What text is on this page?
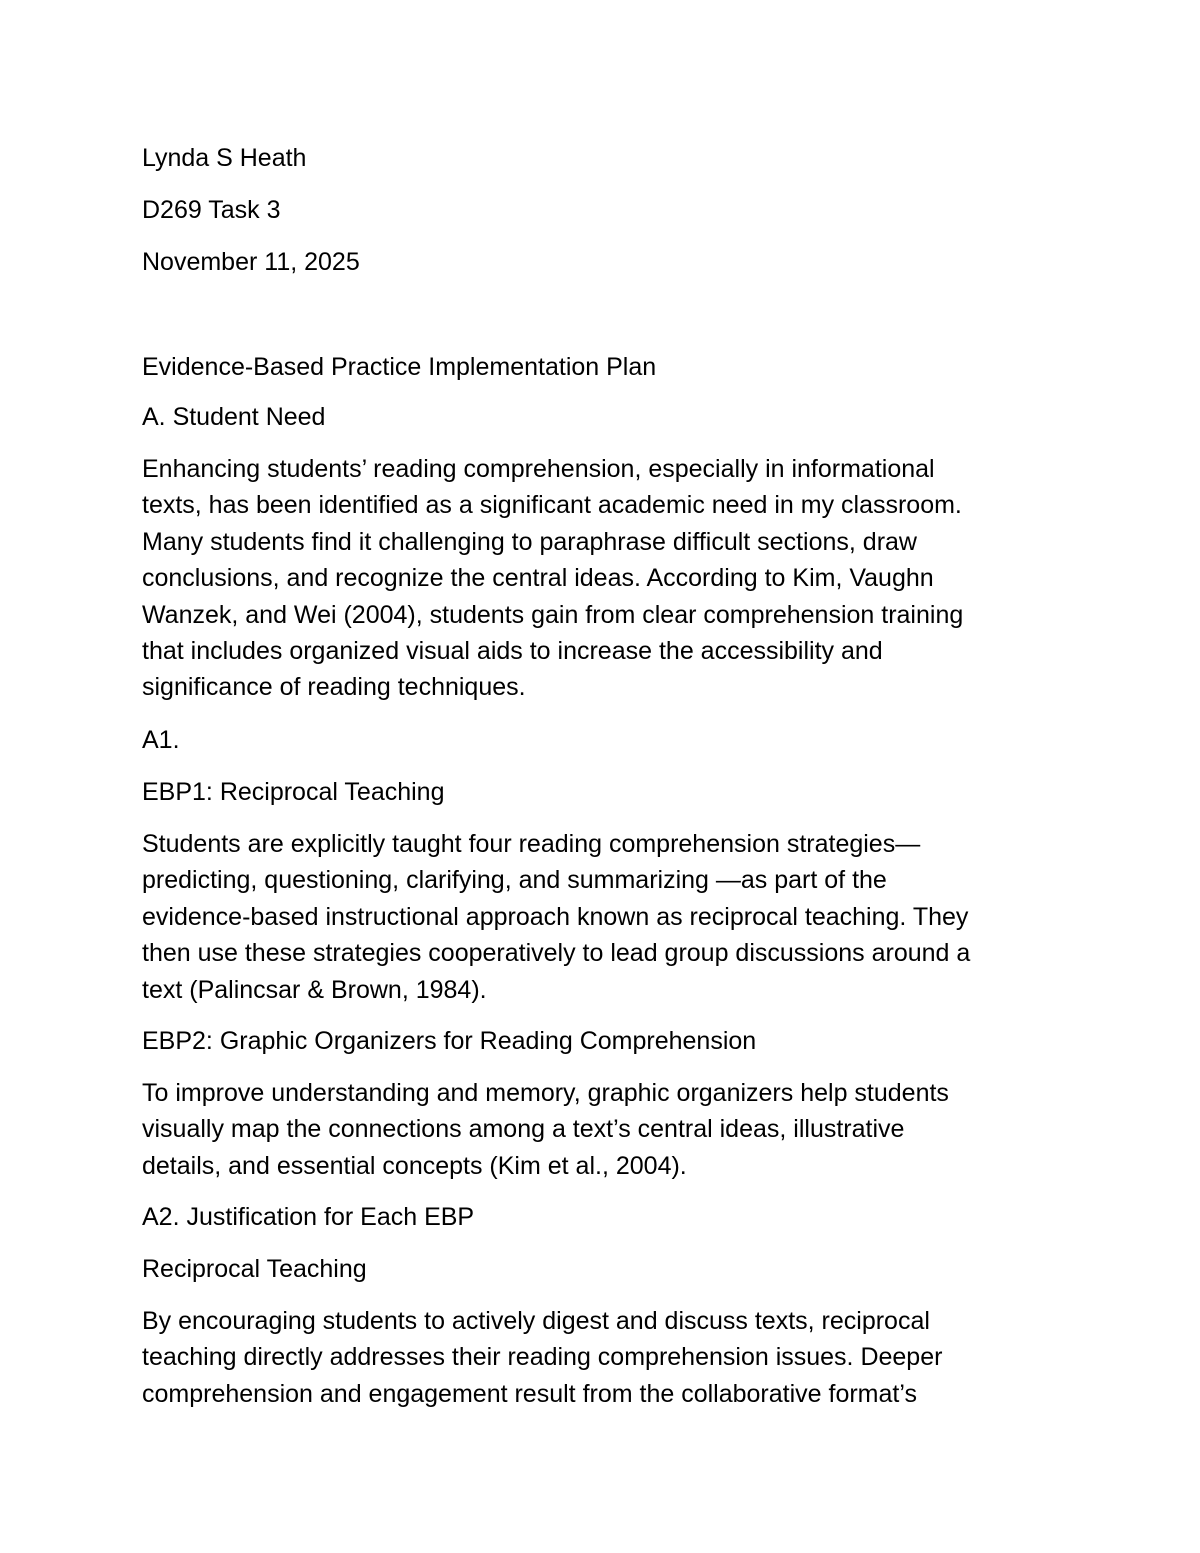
Lynda S Heath

D269 Task 3

November 11, 2025

Evidence-Based Practice Implementation Plan

A. Student Need

Enhancing students’ reading comprehension, especially in informational
texts, has been identified as a significant academic need in my classroom.
Many students find it challenging to paraphrase difficult sections, draw
conclusions, and recognize the central ideas. According to Kim, Vaughn
Wanzek, and Wei (2004), students gain from clear comprehension training
that includes organized visual aids to increase the accessibility and
significance of reading techniques.

A1.

EBP1: Reciprocal Teaching

Students are explicitly taught four reading comprehension strategies—
predicting, questioning, clarifying, and summarizing —as part of the
evidence-based instructional approach known as reciprocal teaching. They
then use these strategies cooperatively to lead group discussions around a
text (Palincsar & Brown, 1984).

EBP2: Graphic Organizers for Reading Comprehension

To improve understanding and memory, graphic organizers help students
visually map the connections among a text’s central ideas, illustrative
details, and essential concepts (Kim et al., 2004).

A2. Justification for Each EBP

Reciprocal Teaching

By encouraging students to actively digest and discuss texts, reciprocal
teaching directly addresses their reading comprehension issues. Deeper
comprehension and engagement result from the collaborative format’s
